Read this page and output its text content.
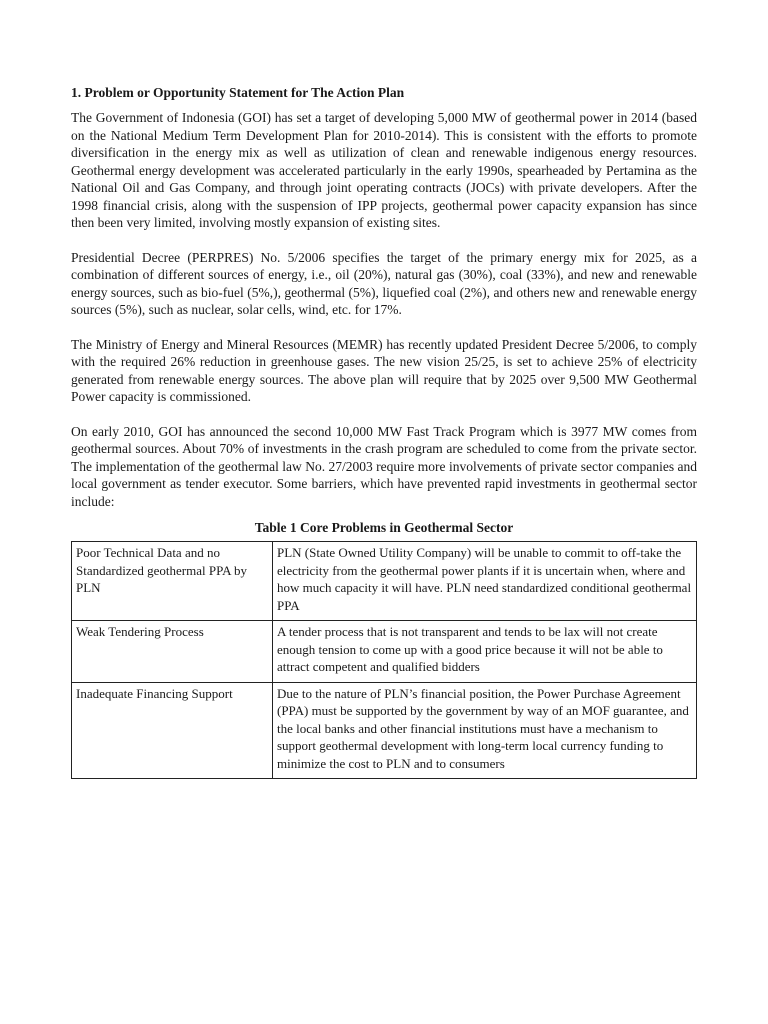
1. Problem or Opportunity Statement for The Action Plan

The Government of Indonesia (GOI) has set a target of developing 5,000 MW of geothermal power in 2014 (based on the National Medium Term Development Plan for 2010-2014). This is consistent with the efforts to promote diversification in the energy mix as well as utilization of clean and renewable indigenous energy resources. Geothermal energy development was accelerated particularly in the early 1990s, spearheaded by Pertamina as the National Oil and Gas Company, and through joint operating contracts (JOCs) with private developers. After the 1998 financial crisis, along with the suspension of IPP projects, geothermal power capacity expansion has since then been very limited, involving mostly expansion of existing sites.

Presidential Decree (PERPRES) No. 5/2006 specifies the target of the primary energy mix for 2025, as a combination of different sources of energy, i.e., oil (20%), natural gas (30%), coal (33%), and new and renewable energy sources, such as bio-fuel (5%,), geothermal (5%), liquefied coal (2%), and others new and renewable energy sources (5%), such as nuclear, solar cells, wind, etc. for 17%.

The Ministry of Energy and Mineral Resources (MEMR) has recently updated President Decree 5/2006, to comply with the required 26% reduction in greenhouse gases. The new vision 25/25, is set to achieve 25% of electricity generated from renewable energy sources. The above plan will require that by 2025 over 9,500 MW Geothermal Power capacity is commissioned.

On early 2010, GOI has announced the second 10,000 MW Fast Track Program which is 3977 MW comes from geothermal sources. About 70% of investments in the crash program are scheduled to come from the private sector. The implementation of the geothermal law No. 27/2003 require more involvements of private sector companies and local government as tender executor. Some barriers, which have prevented rapid investments in geothermal sector include:

Table 1 Core Problems in Geothermal Sector
Poor Technical Data and no Standardized geothermal PPA by PLN	PLN (State Owned Utility Company) will be unable to commit to off-take the electricity from the geothermal power plants if it is uncertain when, where and how much capacity it will have. PLN need standardized conditional geothermal PPA
Weak Tendering Process	A tender process that is not transparent and tends to be lax will not create enough tension to come up with a good price because it will not be able to attract competent and qualified bidders
Inadequate Financing Support	Due to the nature of PLN’s financial position, the Power Purchase Agreement (PPA) must be supported by the government by way of an MOF guarantee, and the local banks and other financial institutions must have a mechanism to support geothermal development with long-term local currency funding to minimize the cost to PLN and to consumers
